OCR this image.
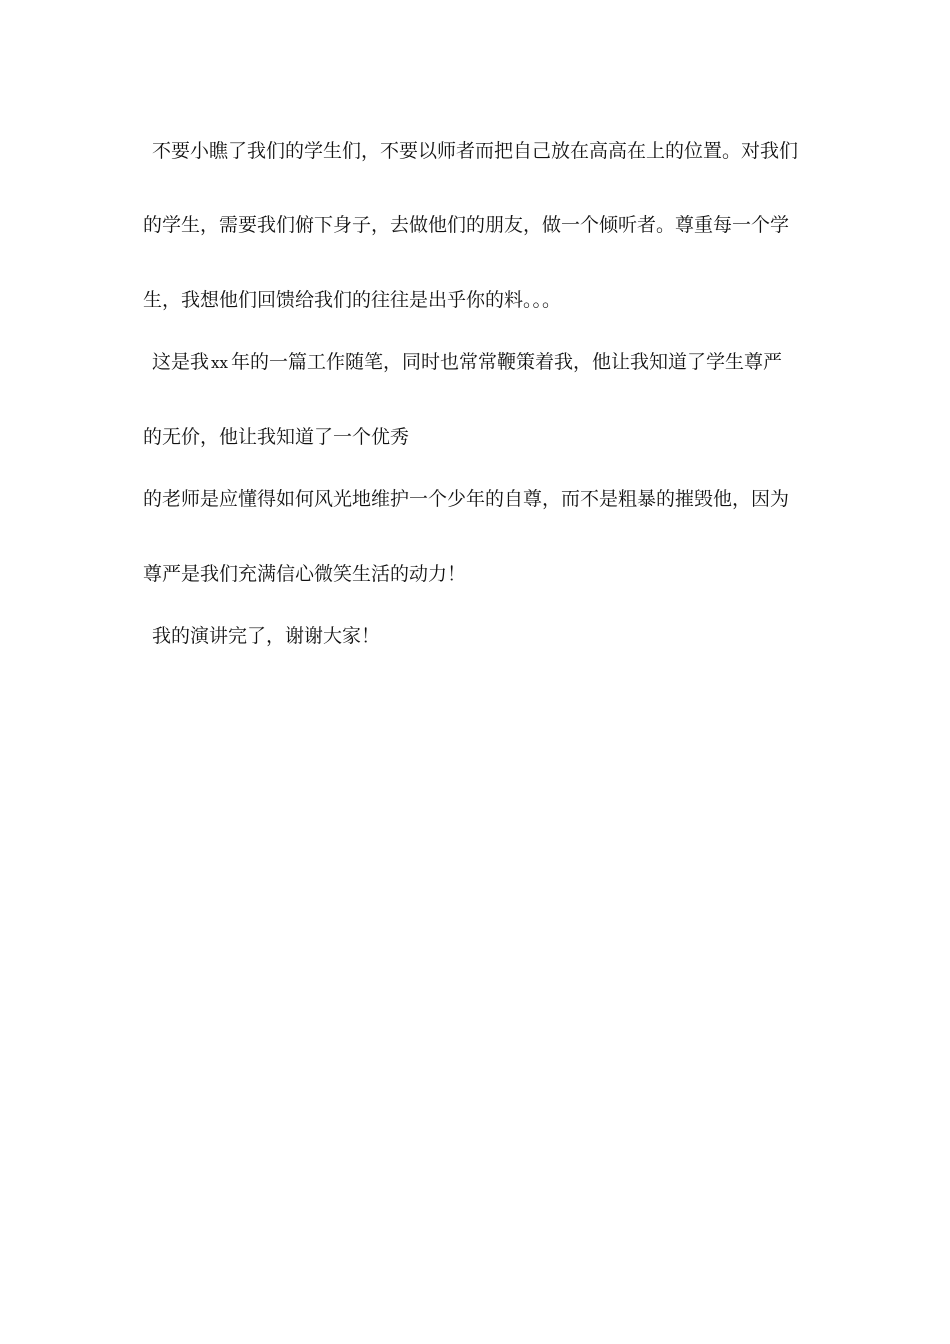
不要小瞧了我们的学生们，不要以师者而把自己放在高高在上的位置。对我们
的学生，需要我们俯下身子，去做他们的朋友，做一个倾听者。尊重每一个学
生，我想他们回馈给我们的往往是出乎你的料。。。
这是我 xx 年的一篇工作随笔，同时也常常鞭策着我，他让我知道了学生尊严
的无价，他让我知道了一个优秀
的老师是应懂得如何风光地维护一个少年的自尊，而不是粗暴的摧毁他，因为
尊严是我们充满信心微笑生活的动力！
我的演讲完了，谢谢大家！
